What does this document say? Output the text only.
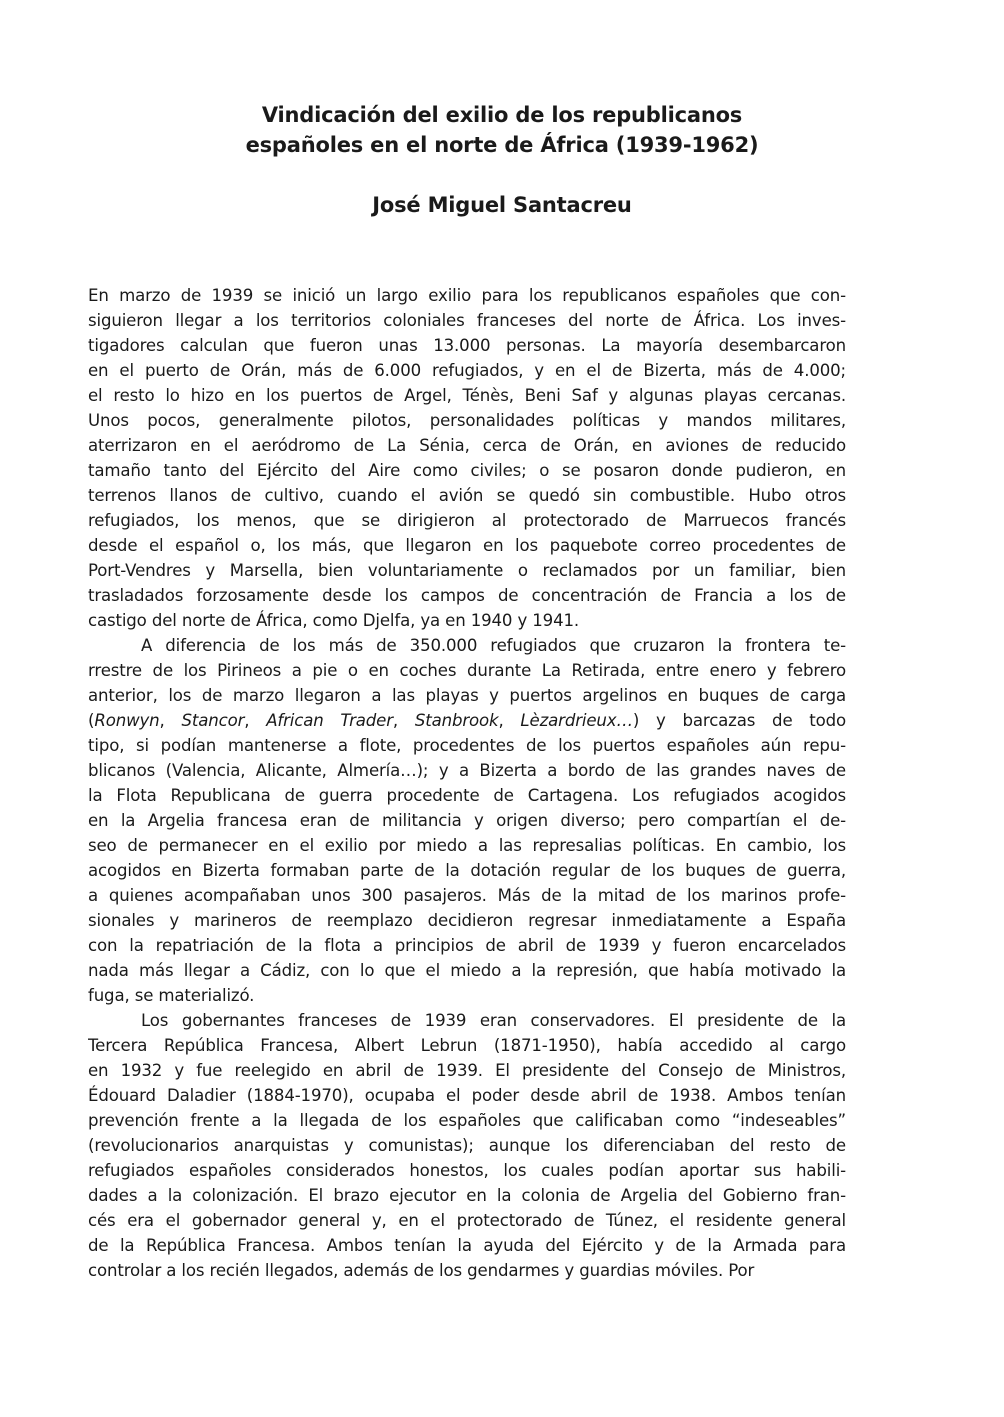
Vindicación del exilio de los republicanos
españoles en el norte de África (1939-1962)
José Miguel Santacreu
En marzo de 1939 se inició un largo exilio para los republicanos españoles que con-
siguieron llegar a los territorios coloniales franceses del norte de África. Los inves-
tigadores calculan que fueron unas 13.000 personas. La mayoría desembarcaron
en el puerto de Orán, más de 6.000 refugiados, y en el de Bizerta, más de 4.000;
el resto lo hizo en los puertos de Argel, Ténès, Beni Saf y algunas playas cercanas.
Unos pocos, generalmente pilotos, personalidades políticas y mandos militares,
aterrizaron en el aeródromo de La Sénia, cerca de Orán, en aviones de reducido
tamaño tanto del Ejército del Aire como civiles; o se posaron donde pudieron, en
terrenos llanos de cultivo, cuando el avión se quedó sin combustible. Hubo otros
refugiados, los menos, que se dirigieron al protectorado de Marruecos francés
desde el español o, los más, que llegaron en los paquebote correo procedentes de
Port-Vendres y Marsella, bien voluntariamente o reclamados por un familiar, bien
trasladados forzosamente desde los campos de concentración de Francia a los de
castigo del norte de África, como Djelfa, ya en 1940 y 1941.
A diferencia de los más de 350.000 refugiados que cruzaron la frontera te-
rrestre de los Pirineos a pie o en coches durante La Retirada, entre enero y febrero
anterior, los de marzo llegaron a las playas y puertos argelinos en buques de carga
(Ronwyn, Stancor, African Trader, Stanbrook, Lèzardrieux…) y barcazas de todo
tipo, si podían mantenerse a flote, procedentes de los puertos españoles aún repu-
blicanos (Valencia, Alicante, Almería…); y a Bizerta a bordo de las grandes naves de
la Flota Republicana de guerra procedente de Cartagena. Los refugiados acogidos
en la Argelia francesa eran de militancia y origen diverso; pero compartían el de-
seo de permanecer en el exilio por miedo a las represalias políticas. En cambio, los
acogidos en Bizerta formaban parte de la dotación regular de los buques de guerra,
a quienes acompañaban unos 300 pasajeros. Más de la mitad de los marinos profe-
sionales y marineros de reemplazo decidieron regresar inmediatamente a España
con la repatriación de la flota a principios de abril de 1939 y fueron encarcelados
nada más llegar a Cádiz, con lo que el miedo a la represión, que había motivado la
fuga, se materializó.
Los gobernantes franceses de 1939 eran conservadores. El presidente de la
Tercera República Francesa, Albert Lebrun (1871-1950), había accedido al cargo
en 1932 y fue reelegido en abril de 1939. El presidente del Consejo de Ministros,
Édouard Daladier (1884-1970), ocupaba el poder desde abril de 1938. Ambos tenían
prevención frente a la llegada de los españoles que calificaban como “indeseables”
(revolucionarios anarquistas y comunistas); aunque los diferenciaban del resto de
refugiados españoles considerados honestos, los cuales podían aportar sus habili-
dades a la colonización. El brazo ejecutor en la colonia de Argelia del Gobierno fran-
cés era el gobernador general y, en el protectorado de Túnez, el residente general
de la República Francesa. Ambos tenían la ayuda del Ejército y de la Armada para
controlar a los recién llegados, además de los gendarmes y guardias móviles. Por
